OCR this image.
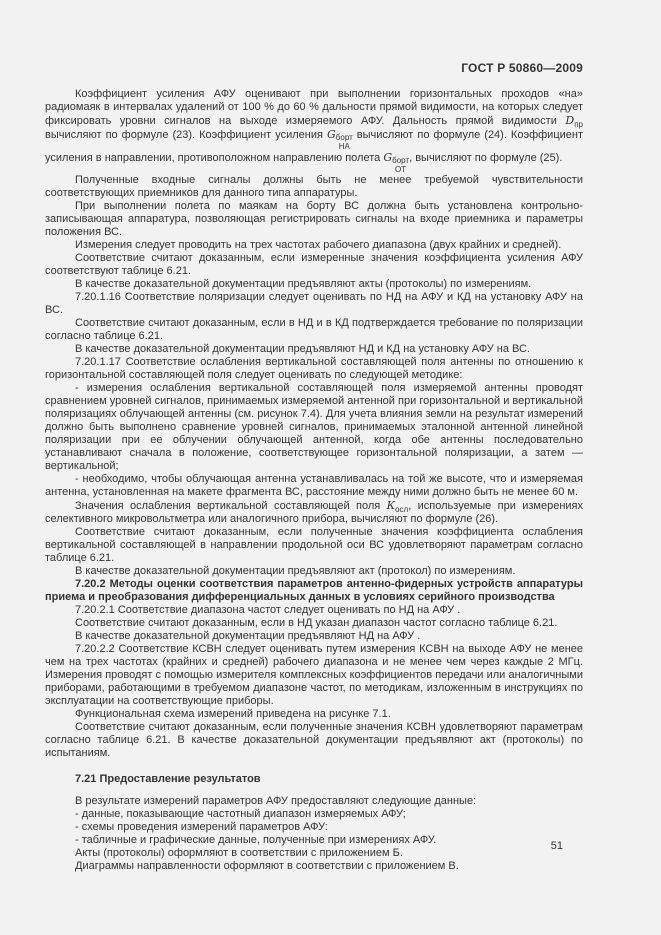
ГОСТ Р 50860—2009

Коэффициент усиления АФУ оценивают при выполнении горизонтальных проходов «на» радиомаяк в интервалах удалений от 100 % до 60 % дальности прямой видимости, на которых следует фиксировать уровни сигналов на выходе измеряемого АФУ. Дальность прямой видимости $D_{пр}$ вычисляют по формуле (23). Коэффициент усиления G борт
НА
вычисляют по формуле (24). Коэффициент усиления в направлении, противоположном направлению полета G борт
ОТ
, вычисляют по формуле (25).

Полученные входные сигналы должны быть не менее требуемой чувствительности соответствующих приемников для данного типа аппаратуры.

При выполнении полета по маякам на борту ВС должна быть установлена контрольно-записывающая аппаратура, позволяющая регистрировать сигналы на входе приемника и параметры положения ВС.

Измерения следует проводить на трех частотах рабочего диапазона (двух крайних и средней).

Соответствие считают доказанным, если измеренные значения коэффициента усиления АФУ соответствуют таблице 6.21.

В качестве доказательной документации предъявляют акты (протоколы) по измерениям.

7.20.1.16 Соответствие поляризации следует оценивать по НД на АФУ и КД на установку АФУ на ВС.

Соответствие считают доказанным, если в НД и в КД подтверждается требование по поляризации согласно таблице 6.21.

В качестве доказательной документации предъявляют НД и КД на установку АФУ на ВС.

7.20.1.17 Соответствие ослабления вертикальной составляющей поля антенны по отношению к горизонтальной составляющей поля следует оценивать по следующей методике:

- измерения ослабления вертикальной составляющей поля измеряемой антенны проводят сравнением уровней сигналов, принимаемых измеряемой антенной при горизонтальной и вертикальной поляризациях облучающей антенны (см. рисунок 7.4). Для учета влияния земли на результат измерений должно быть выполнено сравнение уровней сигналов, принимаемых эталонной антенной линейной поляризации при ее облучении облучающей антенной, когда обе антенны последовательно устанавливают сначала в положение, соответствующее горизонтальной поляризации, а затем — вертикальной;

- необходимо, чтобы облучающая антенна устанавливалась на той же высоте, что и измеряемая антенна, установленная на макете фрагмента ВС, расстояние между ними должно быть не менее 60 м.

Значения ослабления вертикальной составляющей поля $К_{осл}$, используемые при измерениях селективного микровольтметра или аналогичного прибора, вычисляют по формуле (26).

Соответствие считают доказанным, если полученные значения коэффициента ослабления вертикальной составляющей в направлении продольной оси ВС удовлетворяют параметрам согласно таблице 6.21.

В качестве доказательной документации предъявляют акт (протокол) по измерениям.

7.20.2 Методы оценки соответствия параметров антенно-фидерных устройств аппаратуры приема и преобразования дифференциальных данных в условиях серийного производства

7.20.2.1 Соответствие диапазона частот следует оценивать по НД на АФУ .

Соответствие считают доказанным, если в НД указан диапазон частот согласно таблице 6.21.

В качестве доказательной документации предъявляют НД на АФУ .

7.20.2.2 Соответствие КСВН следует оценивать путем измерения КСВН на выходе АФУ не менее чем на трех частотах (крайних и средней) рабочего диапазона и не менее чем через каждые 2 МГц. Измерения проводят с помощью измерителя комплексных коэффициентов передачи или аналогичными приборами, работающими в требуемом диапазоне частот, по методикам, изложенным в инструкциях по эксплуатации на соответствующие приборы.

Функциональная схема измерений приведена на рисунке 7.1.

Соответствие считают доказанным, если полученные значения КСВН удовлетворяют параметрам согласно таблице 6.21. В качестве доказательной документации предъявляют акт (протоколы) по испытаниям.

7.21 Предоставление результатов

В результате измерений параметров АФУ предоставляют следующие данные:

- данные, показывающие частотный диапазон измеряемых АФУ;

- схемы проведения измерений параметров АФУ:

- табличные и графические данные, полученные при измерениях АФУ.

Акты (протоколы) оформляют в соответствии с приложением Б.

Диаграммы направленности оформляют в соответствии с приложением В.

51
